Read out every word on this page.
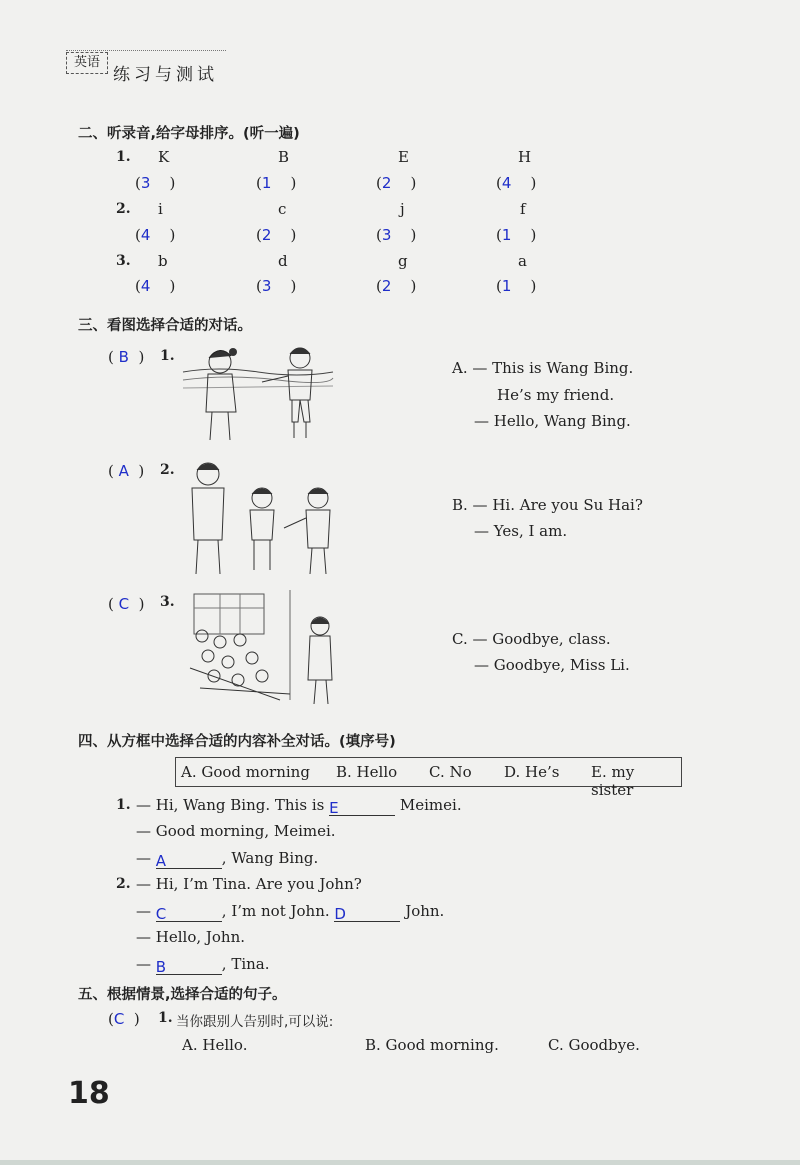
英语
练习与测试
二、听录音,给字母排序。(听一遍)
1. K	B	E	H
(3    )	(1    )	(2    )	(4    )
2. i	c	j	f
(4    )	(2    )	(3    )	(1    )
3. b	d	g	a
(4    )	(3    )	(2    )	(1    )
三、看图选择合适的对话。
( B  ) 1.
A. — This is Wang Bing.
He’s my friend.
— Hello, Wang Bing.
( A  ) 2.
B. — Hi. Are you Su Hai?
— Yes, I am.
( C  ) 3.
C. — Goodbye, class.
— Goodbye, Miss Li.
四、从方框中选择合适的内容补全对话。(填序号)
A. Good morning B. Hello C. No D. He’s E. my sister
1. — Hi, Wang Bing. This is E	Meimei.
— Good morning, Meimei.
— A	, Wang Bing.
2. — Hi, I’m Tina. Are you John?
— C	, I’m not John. D	John.
— Hello, John.
— B	, Tina.
五、根据情景,选择合适的句子。
(C  ) 1. 当你跟别人告别时,可以说:
A. Hello.	B. Good morning.	C. Goodbye.
18
